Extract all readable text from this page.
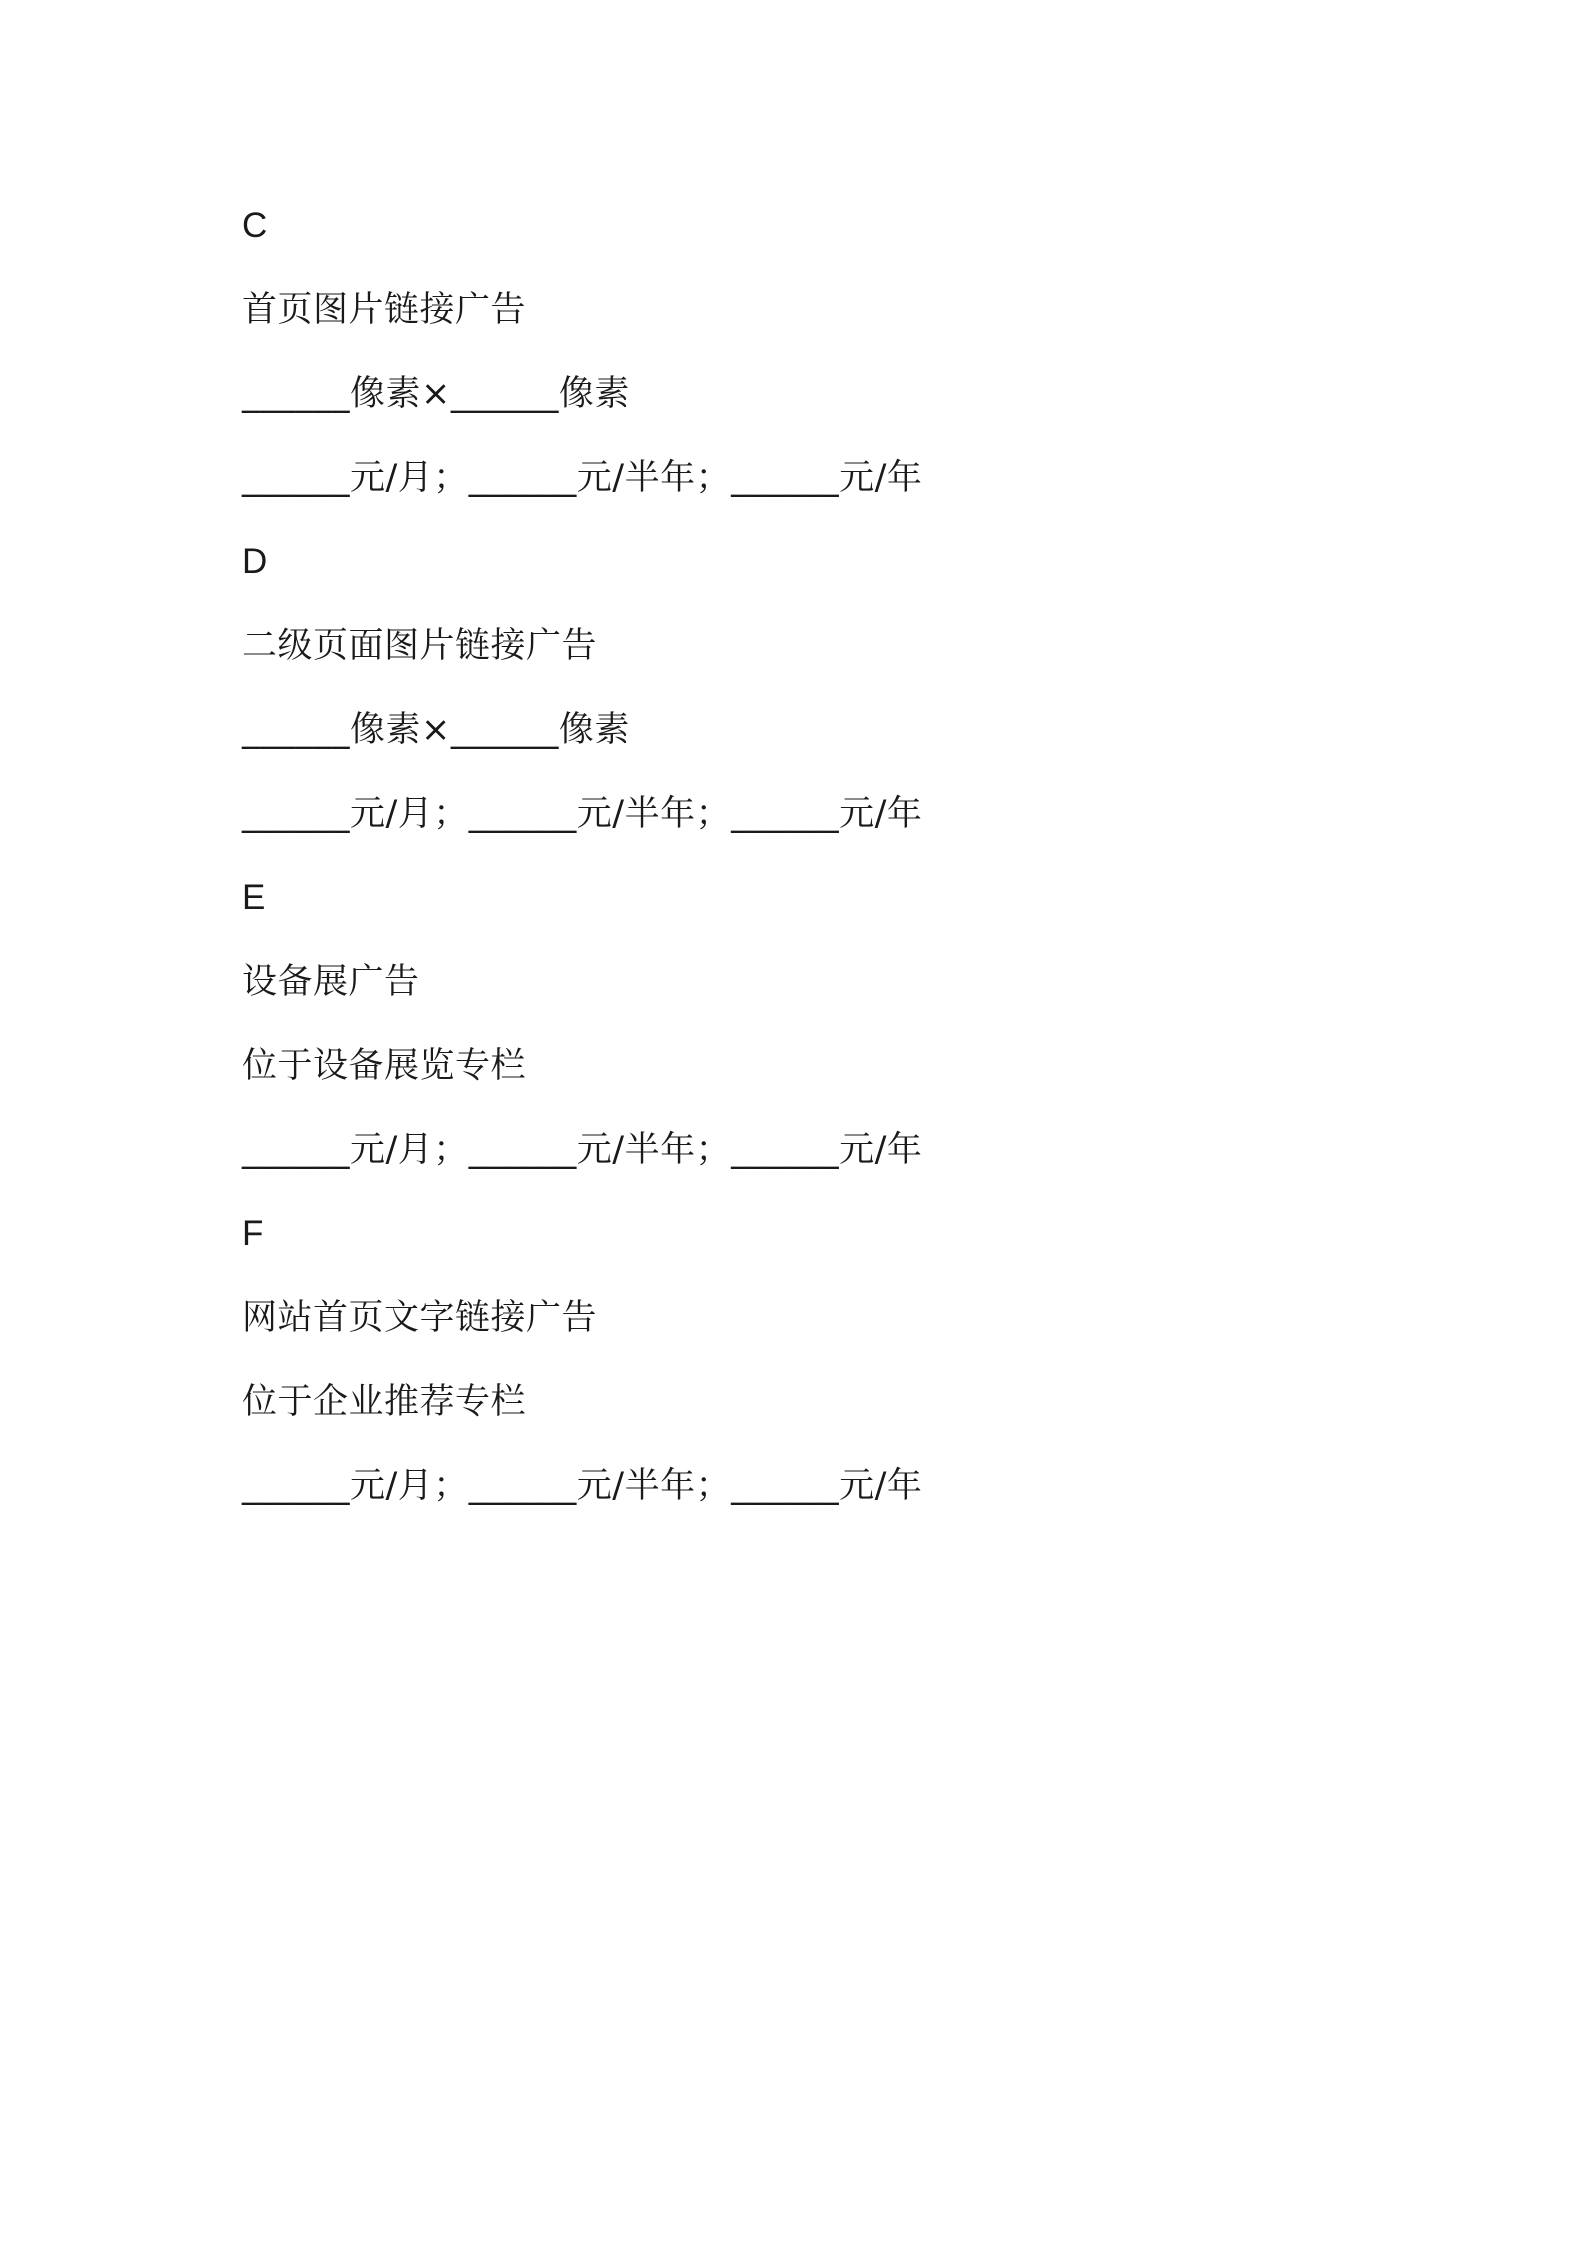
C
首页图片链接广告
______像素×______像素
______元/月；______元/半年；______元/年
D
二级页面图片链接广告
______像素×______像素
______元/月；______元/半年；______元/年
E
设备展广告
位于设备展览专栏
______元/月；______元/半年；______元/年
F
网站首页文字链接广告
位于企业推荐专栏
______元/月；______元/半年；______元/年
